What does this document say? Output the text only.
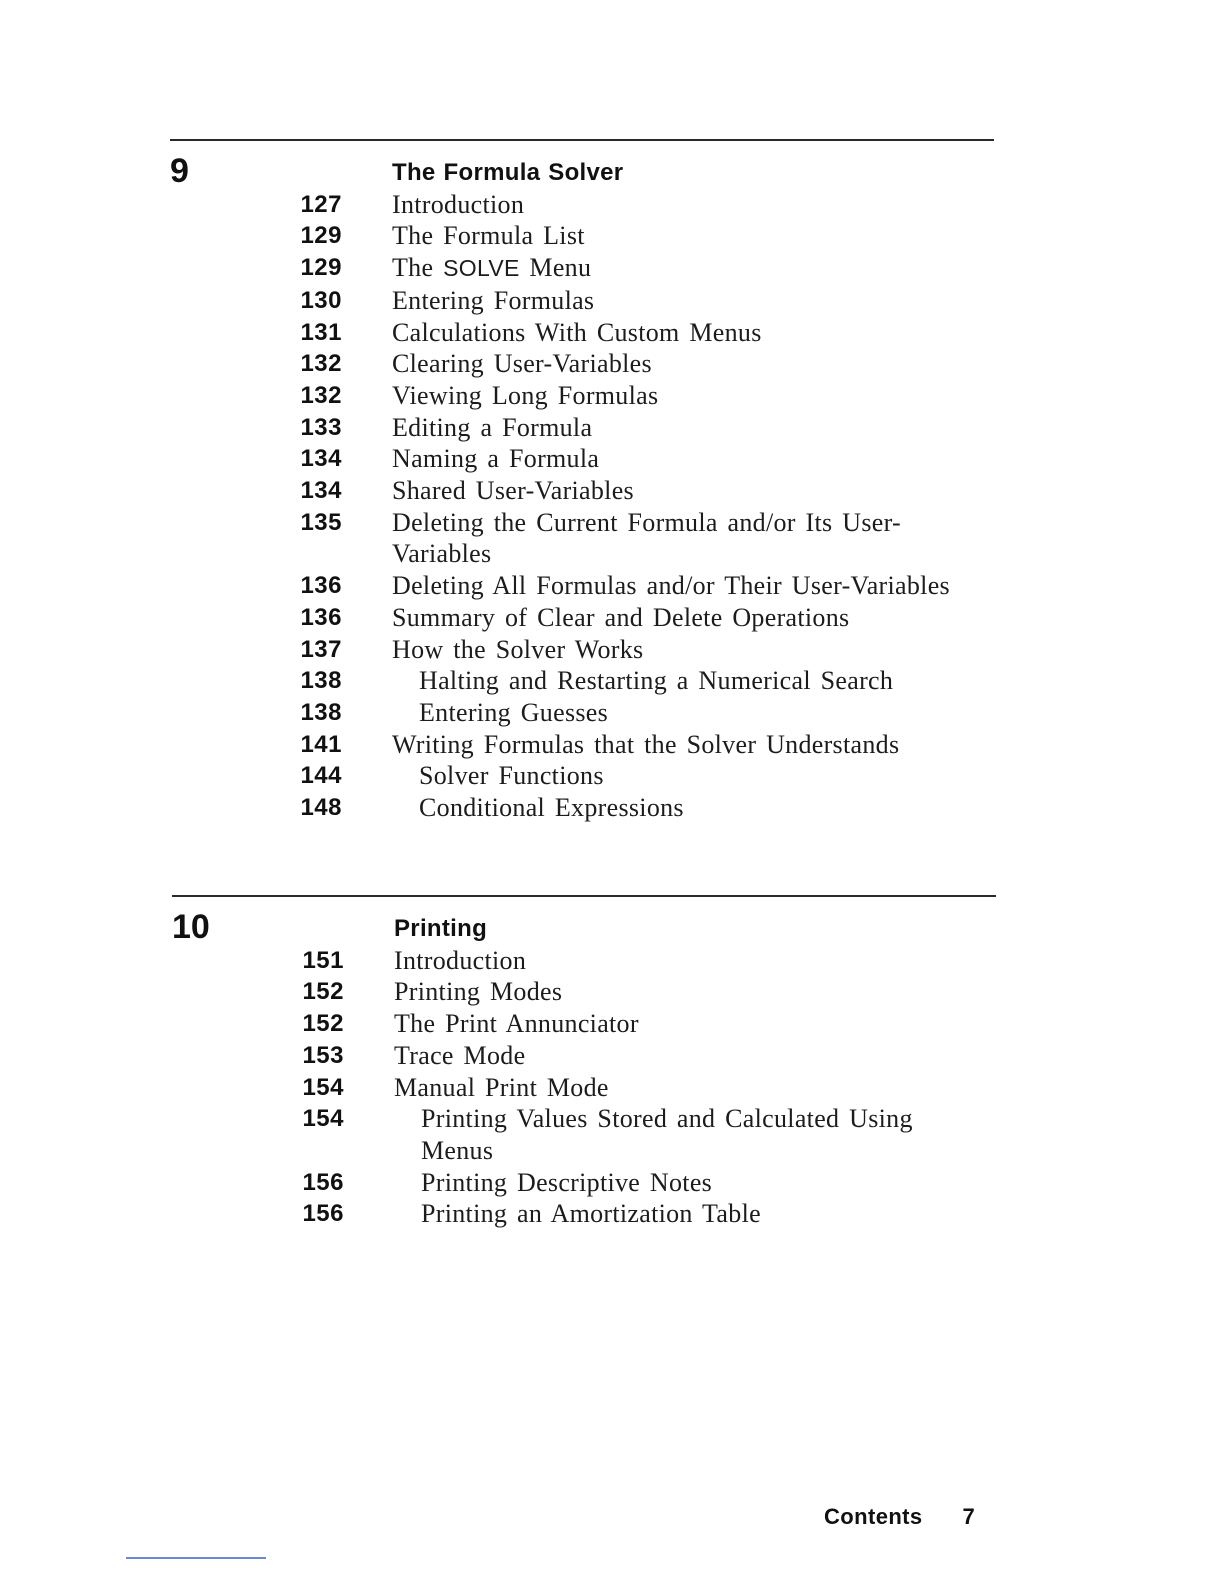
9	The Formula Solver
127 Introduction
129 The Formula List
129 The SOLVE Menu
130 Entering Formulas
131 Calculations With Custom Menus
132 Clearing User-Variables
132 Viewing Long Formulas
133 Editing a Formula
134 Naming a Formula
134 Shared User-Variables
135 Deleting the Current Formula and/or Its User-
Variables
136 Deleting All Formulas and/or Their User-Variables
136 Summary of Clear and Delete Operations
137 How the Solver Works
138	Halting and Restarting a Numerical Search
138	Entering Guesses
141 Writing Formulas that the Solver Understands
144	Solver Functions
148	Conditional Expressions
10	Printing
151 Introduction
152 Printing Modes
152 The Print Annunciator
153 Trace Mode
154 Manual Print Mode
154	Printing Values Stored and Calculated Using
Menus
156	Printing Descriptive Notes
156	Printing an Amortization Table
Contents 7
